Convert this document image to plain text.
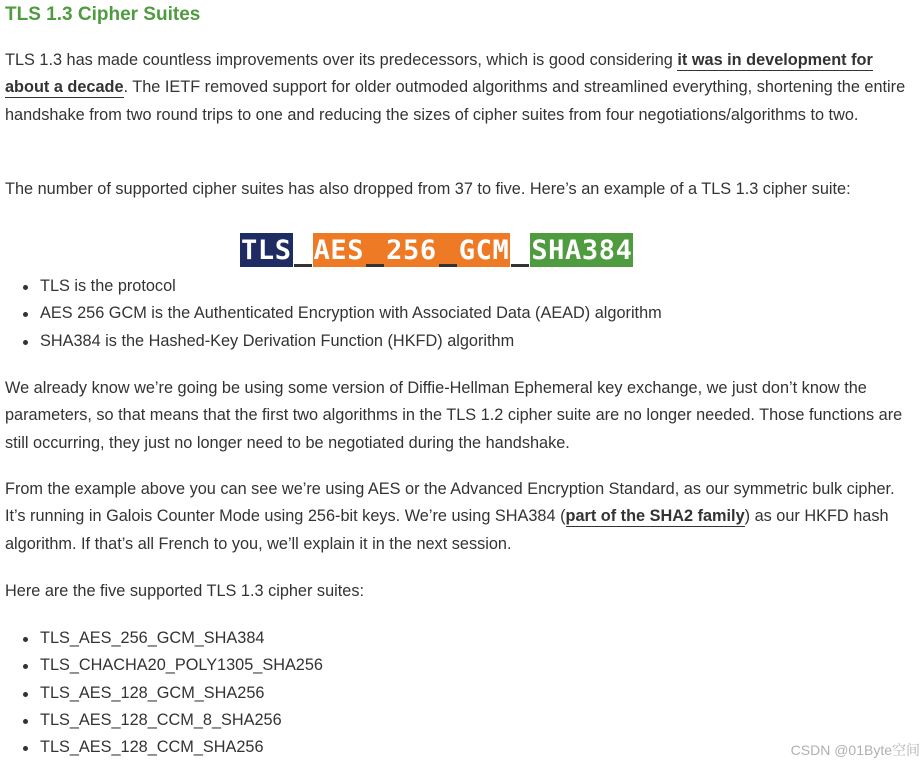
TLS 1.3 Cipher Suites

TLS 1.3 has made countless improvements over its predecessors, which is good considering it was in development for about a decade. The IETF removed support for older outmoded algorithms and streamlined everything, shortening the entire handshake from two round trips to one and reducing the sizes of cipher suites from four negotiations/algorithms to two.

The number of supported cipher suites has also dropped from 37 to five. Here’s an example of a TLS 1.3 cipher suite:

TLS AES 256 GCM SHA384
TLS is the protocol
AES 256 GCM is the Authenticated Encryption with Associated Data (AEAD) algorithm
SHA384 is the Hashed-Key Derivation Function (HKFD) algorithm

We already know we’re going be using some version of Diffie-Hellman Ephemeral key exchange, we just don’t know the parameters, so that means that the first two algorithms in the TLS 1.2 cipher suite are no longer needed. Those functions are still occurring, they just no longer need to be negotiated during the handshake.

From the example above you can see we’re using AES or the Advanced Encryption Standard, as our symmetric bulk cipher. It’s running in Galois Counter Mode using 256-bit keys. We’re using SHA384 (part of the SHA2 family) as our HKFD hash algorithm. If that’s all French to you, we’ll explain it in the next session.

Here are the five supported TLS 1.3 cipher suites:

TLS_AES_256_GCM_SHA384
TLS_CHACHA20_POLY1305_SHA256
TLS_AES_128_GCM_SHA256
TLS_AES_128_CCM_8_SHA256
TLS_AES_128_CCM_SHA256	CSDN @01Byte空间
